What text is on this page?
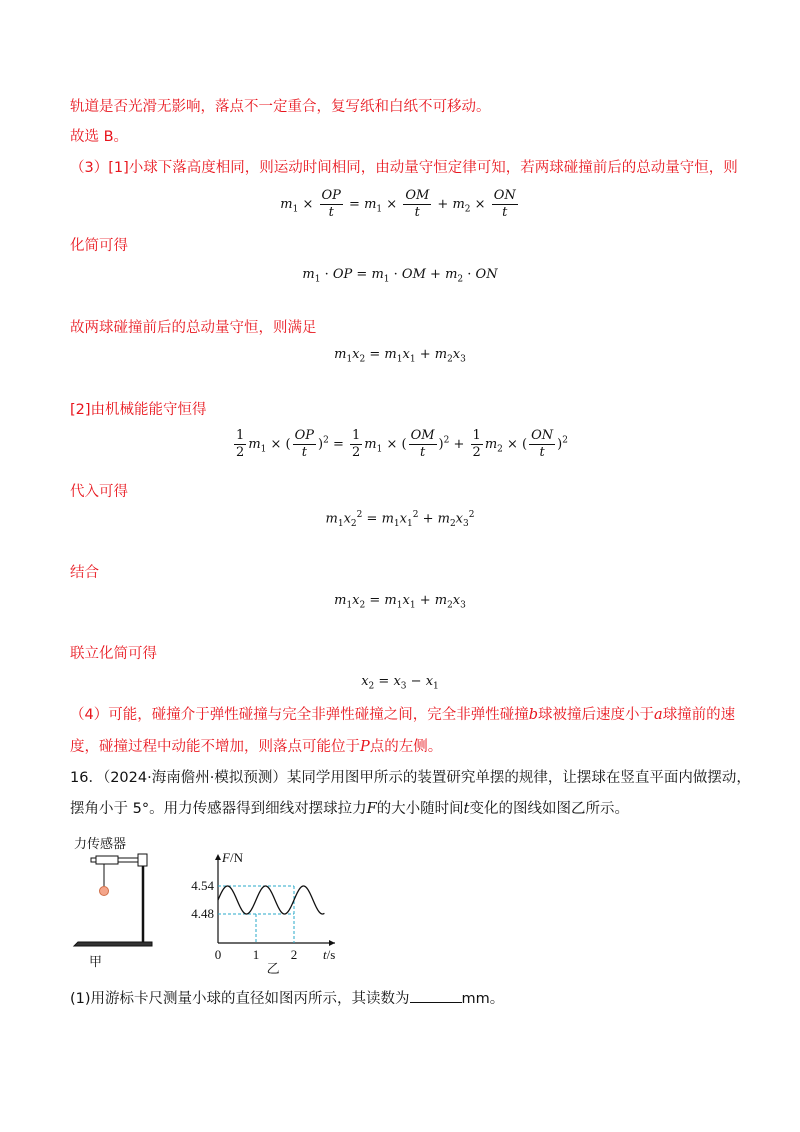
轨道是否光滑无影响，落点不一定重合，复写纸和白纸不可移动。
故选 B。
（3）[1]小球下落高度相同，则运动时间相同，由动量守恒定律可知，若两球碰撞前后的总动量守恒，则
$m_1 \times \frac{OP}{t} = m_1 \times \frac{OM}{t} + m_2 \times \frac{ON}{t}$
化简可得
$m_1$ · OP = $m_1$ · OM + $m_2$ · ON
故两球碰撞前后的总动量守恒，则满足
$m_1x_2 = m_1x_1 + m_2x_3$
[2]由机械能能守恒得
$\frac{1}{2} m_1$ × ( $\frac{OP}{t} )^2 = \frac{1}{2} m_1$ × ( $\frac{OM}{t} )^2 + \frac{1}{2} m_2$ × ( $\frac{ON}{t} )^2$
代入可得
$m_1x_2^2 = m_1x_1^2 + m_2x_3^2$
结合
$m_1x_2 = m_1x_1 + m_2x_3$
联立化简可得
$x_2 = x_3 - x_1$
（4）可能，碰撞介于弹性碰撞与完全非弹性碰撞之间，完全非弹性碰撞b球被撞后速度小于a球撞前的速
度，碰撞过程中动能不增加，则落点可能位于P点的左侧。
16．（2024·海南儋州·模拟预测）某同学用图甲所示的装置研究单摆的规律，让摆球在竖直平面内做摆动，
摆角小于 5°。用力传感器得到细线对摆球拉力F的大小随时间t变化的图线如图乙所示。
力传感器
甲
F/N
t/s
0 1 2
4.54
4.48
乙
(1)用游标卡尺测量小球的直径如图丙所示，其读数为	mm。
